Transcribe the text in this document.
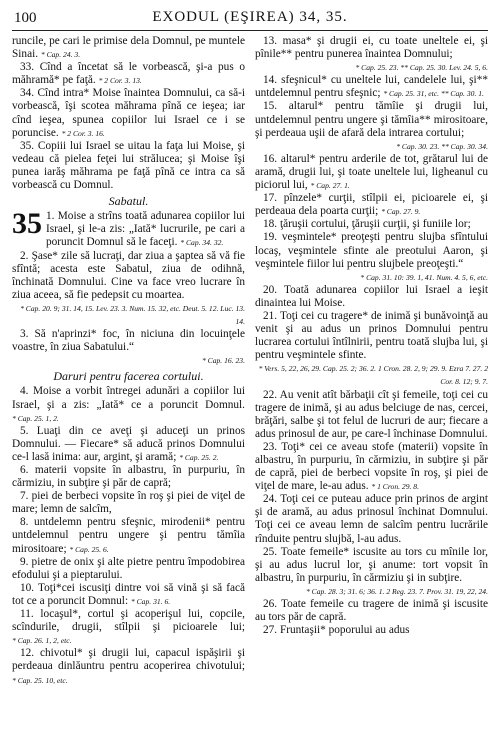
100	EXODUL (EŞIREA) 34, 35.

runcile, pe cari le primise dela Domnul, pe muntele Sinai. * Cap. 24. 3.

33. Cînd a încetat să le vorbească, şi-a pus o măhramă* pe faţă. * 2 Cor. 3. 13.

34. Cînd intra* Moise înaintea Domnului, ca să-i vorbească, îşi scotea măhrama pînă ce ieşea; iar cînd ieşea, spunea copiilor lui Israel ce i se poruncise. * 2 Cor. 3. 16.

35. Copiii lui Israel se uitau la faţa lui Moise, şi vedeau că pielea feţei lui strălucea; şi Moise îşi punea iarăş măhrama pe faţă pînă ce intra ca să vorbească cu Domnul.

Sabatul.

35 1. Moise a strîns toată adunarea copiilor lui Israel, şi le-a zis: „Iată* lucrurile, pe cari a poruncit Domnul să le faceţi. * Cap. 34. 32.

2. Şase* zile să lucraţi, dar ziua a şaptea să vă fie sfîntă; acesta este Sabatul, ziua de odihnă, închinată Domnului. Cine va face vreo lucrare în ziua aceea, să fie pedepsit cu moartea.

* Cap. 20. 9; 31. 14, 15. Lev. 23. 3. Num. 15. 32, etc. Deut. 5. 12. Luc. 13. 14.

3. Să n'aprinzi* foc, în niciuna din locuinţele voastre, în ziua Sabatului.“

* Cap. 16. 23.
Daruri pentru facerea cortului.

4. Moise a vorbit întregei adunări a copiilor lui Israel, şi a zis: „Iată* ce a poruncit Domnul. * Cap. 25. 1, 2.

5. Luaţi din ce aveţi şi aduceţi un prinos Domnului. — Fiecare* să aducă prinos Domnului ce-l lasă inima: aur, argint, şi aramă; * Cap. 25. 2.

6. materii vopsite în albastru, în purpuriu, în cărmiziu, in subţire şi păr de capră;

7. piei de berbeci vopsite în roş şi piei de viţel de mare; lemn de salcîm,

8. untdelemn pentru sfeşnic, mirodenii* pentru untdelemnul pentru ungere şi pentru tămîia mirositoare; * Cap. 25. 6.

9. pietre de onix şi alte pietre pentru împodobirea efodului şi a pieptarului.

10. Toţi*cei iscusiţi dintre voi să vină şi să facă tot ce a poruncit Domnul: * Cap. 31. 6.

11. locaşul*, cortul şi acoperişul lui, copcile, scîndurile, drugii, stîlpii şi picioarele lui; * Cap. 26. 1, 2, etc.

12. chivotul* şi drugii lui, capacul ispăşirii şi perdeaua dinlăuntru pentru acoperirea chivotului; * Cap. 25. 10, etc.

13. masa* şi drugii ei, cu toate uneltele ei, şi pînile** pentru punerea înaintea Domnului;

* Cap. 25. 23. ** Cap. 25. 30. Lev. 24. 5, 6.

14. sfeşnicul* cu uneltele lui, candelele lui, şi** untdelemnul pentru sfeşnic; * Cap. 25. 31, etc. ** Cap. 30. 1.

15. altarul* pentru tămîie şi drugii lui, untdelemnul pentru ungere şi tămîia** mirositoare, şi perdeaua uşii de afară dela intrarea cortului;

* Cap. 30. 23. ** Cap. 30. 34.

16. altarul* pentru arderile de tot, grătarul lui de aramă, drugii lui, şi toate uneltele lui, ligheanul cu piciorul lui, * Cap. 27. 1.

17. pînzele* curţii, stîlpii ei, picioarele ei, şi perdeaua dela poarta curţii; * Cap. 27. 9.

18. ţăruşii cortului, ţăruşii curţii, şi funiile lor;

19. veşmintele* preoţeşti pentru slujba sfîntului locaş, veşmintele sfinte ale preotului Aaron, şi veşmintele fiilor lui pentru slujbele preoţeşti.“

* Cap. 31. 10: 39. 1, 41. Num. 4. 5, 6, etc.

20. Toată adunarea copiilor lui Israel a ieşit dinaintea lui Moise.

21. Toţi cei cu tragere* de inimă şi bunăvoinţă au venit şi au adus un prinos Domnului pentru lucrarea cortului întîlnirii, pentru toată slujba lui, şi pentru veşmintele sfinte.

* Vers. 5, 22, 26, 29. Cap. 25. 2; 36. 2. 1 Cron. 28. 2, 9; 29. 9. Ezra 7. 27. 2 Cor. 8. 12; 9. 7.

22. Au venit atît bărbaţii cît şi femeile, toţi cei cu tragere de inimă, şi au adus belciuge de nas, cercei, brăţări, salbe şi tot felul de lucruri de aur; fiecare a adus prinosul de aur, pe care-l închinase Domnului.

23. Toţi* cei ce aveau stofe (materii) vopsite în albastru, în purpuriu, în cărmiziu, in subţire şi păr de capră, piei de berbeci vopsite în roş, şi piei de viţel de mare, le-au adus. * 1 Cron. 29. 8.

24. Toţi cei ce puteau aduce prin prinos de argint şi de aramă, au adus prinosul închinat Domnului. Toţi cei ce aveau lemn de salcîm pentru lucrările rînduite pentru slujbă, l-au adus.

25. Toate femeile* iscusite au tors cu mînile lor, şi au adus lucrul lor, şi anume: tort vopsit în albastru, în purpuriu, în cărmiziu şi in subţire.

* Cap. 28. 3; 31. 6; 36. 1. 2 Reg. 23. 7. Prov. 31. 19, 22, 24.

26. Toate femeile cu tragere de inimă şi iscusite au tors păr de capră.

27. Fruntaşii* poporului au adus
